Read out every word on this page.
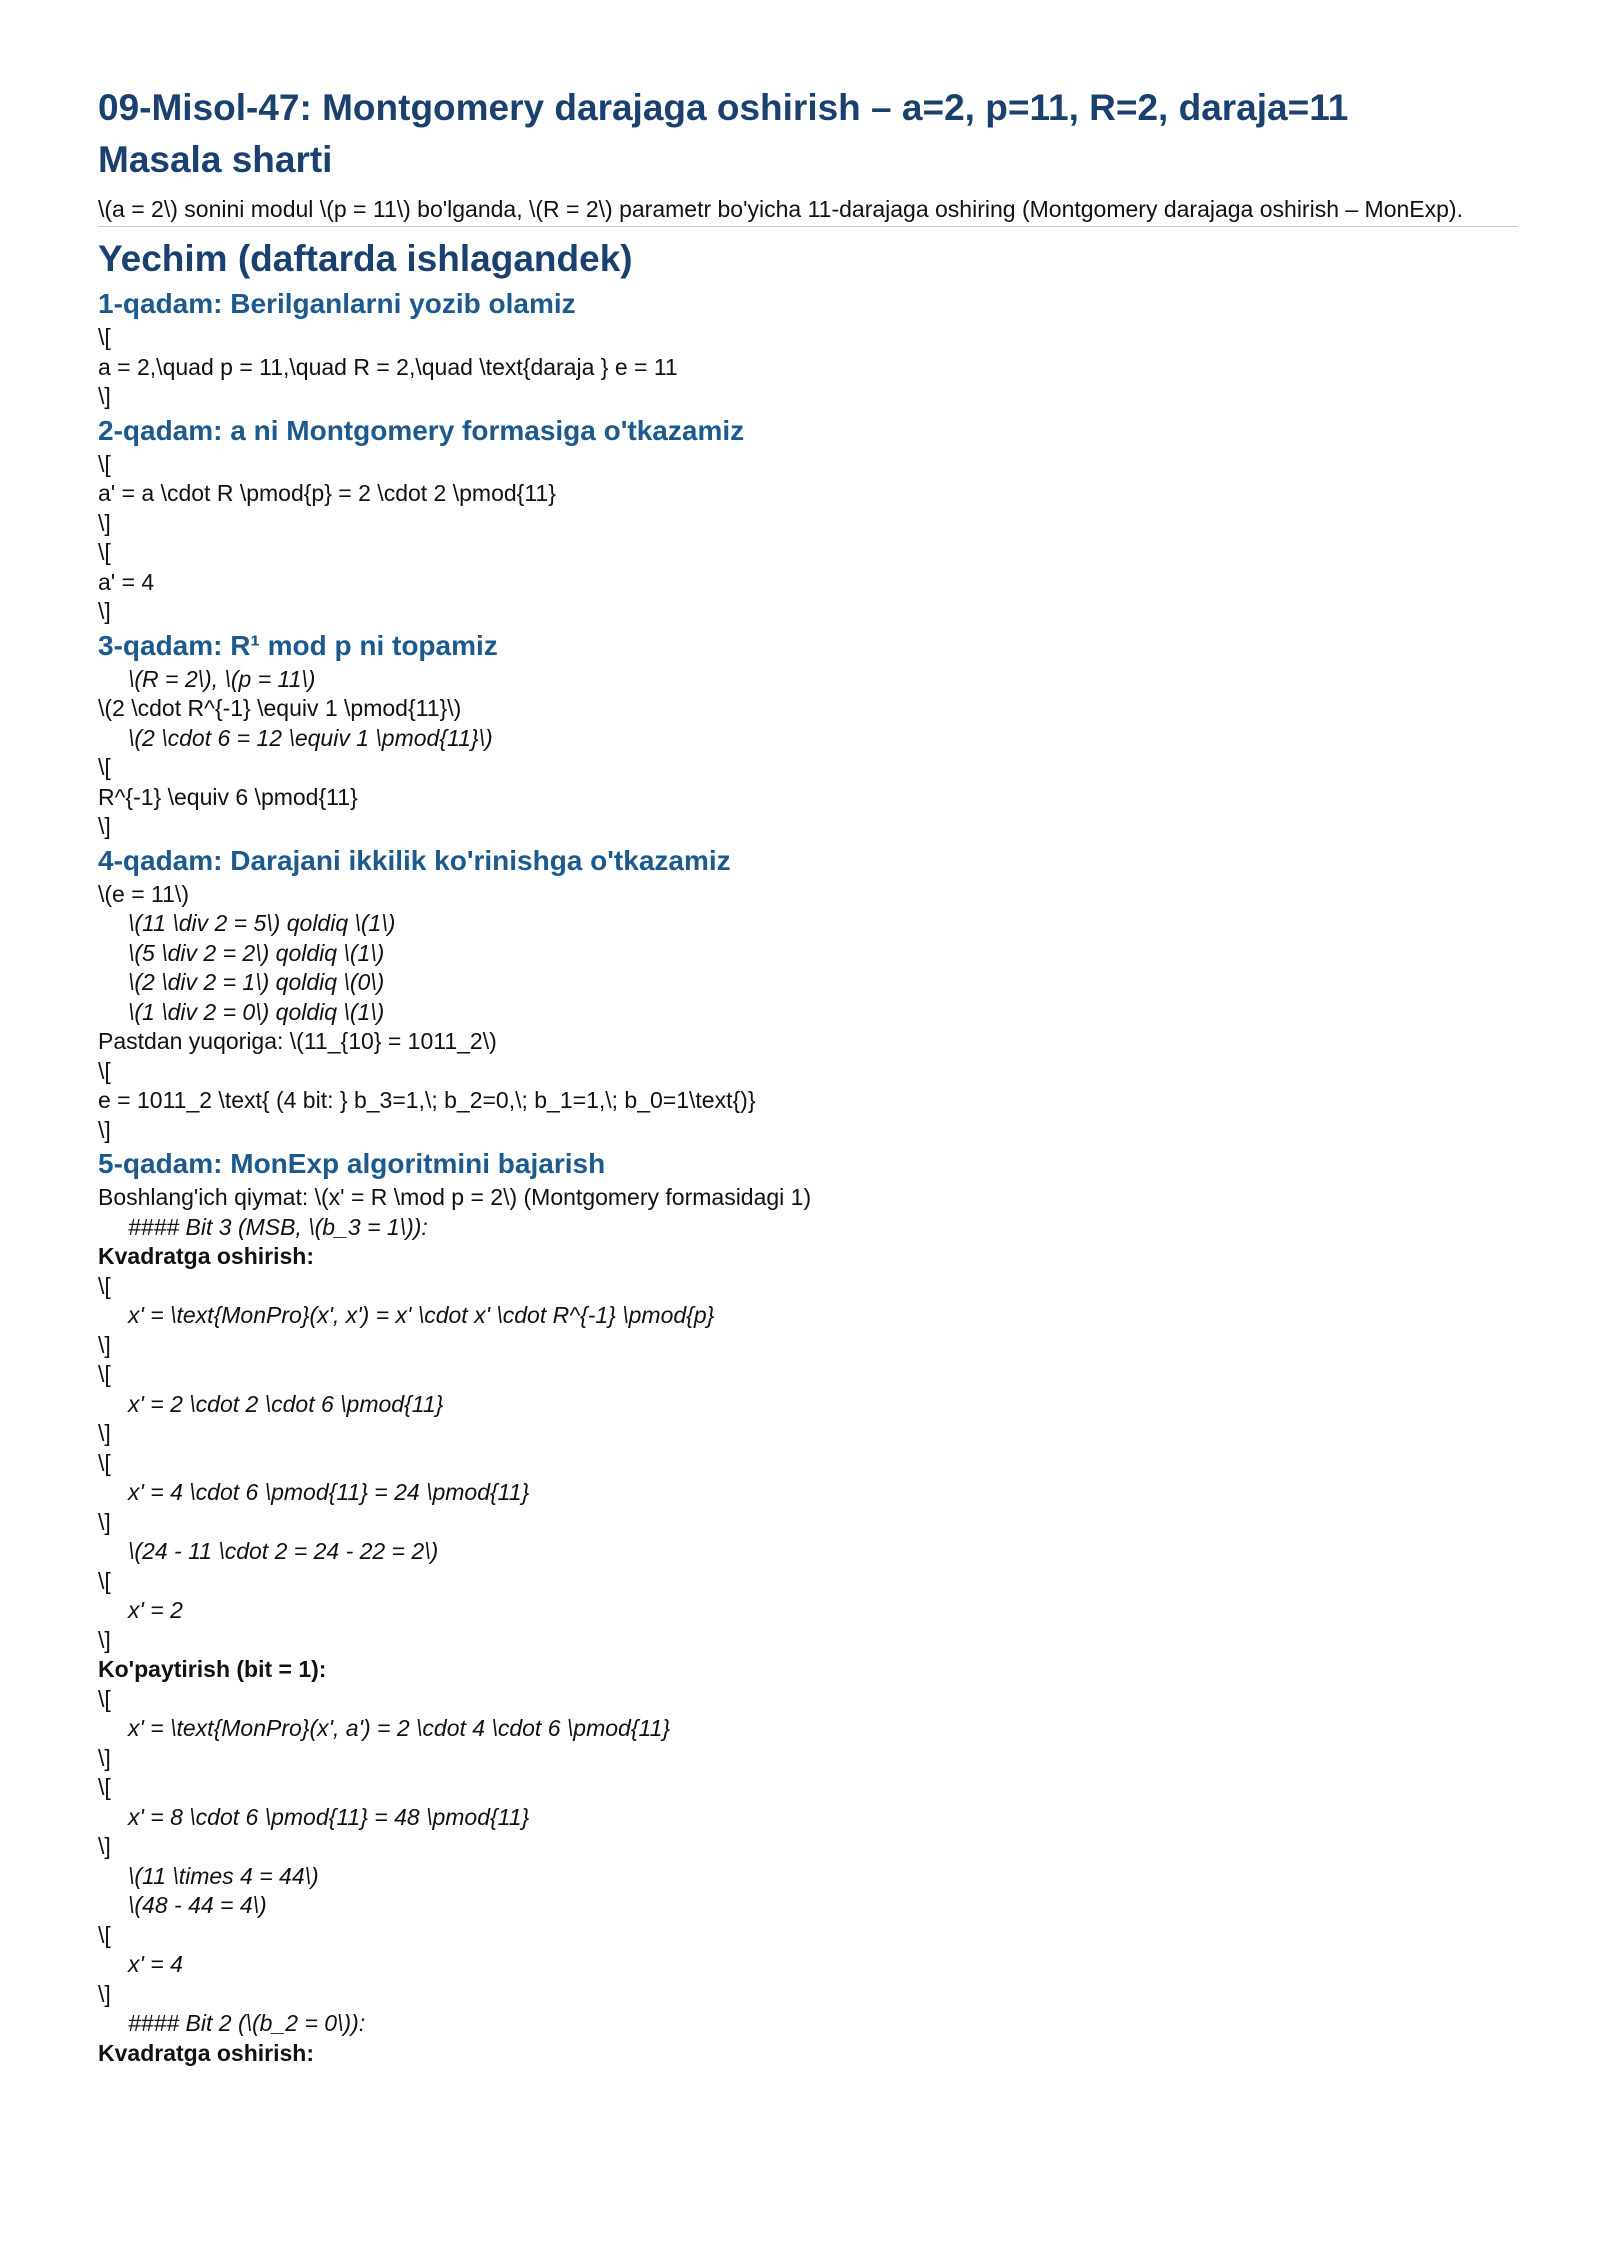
09-Misol-47: Montgomery darajaga oshirish – a=2, p=11, R=2, daraja=11
Masala sharti

\(a = 2\) sonini modul \(p = 11\) bo'lganda, \(R = 2\) parametr bo'yicha 11-darajaga oshiring (Montgomery darajaga oshirish – MonExp).

Yechim (daftarda ishlagandek)
1-qadam: Berilganlarni yozib olamiz
\[
a = 2,\quad p = 11,\quad R = 2,\quad \text{daraja } e = 11
\]
2-qadam: a ni Montgomery formasiga o'tkazamiz
\[
a' = a \cdot R \pmod{p} = 2 \cdot 2 \pmod{11}
\]
\[
a' = 4
\]
3-qadam: R¹ mod p ni topamiz
\(R = 2\), \(p = 11\)
\(2 \cdot R^{-1} \equiv 1 \pmod{11}\)
\(2 \cdot 6 = 12 \equiv 1 \pmod{11}\)
\[
R^{-1} \equiv 6 \pmod{11}
\]
4-qadam: Darajani ikkilik ko'rinishga o'tkazamiz
\(e = 11\)
\(11 \div 2 = 5\) qoldiq \(1\)
\(5 \div 2 = 2\) qoldiq \(1\)
\(2 \div 2 = 1\) qoldiq \(0\)
\(1 \div 2 = 0\) qoldiq \(1\)
Pastdan yuqoriga: \(11_{10} = 1011_2\)
\[
e = 1011_2 \text{ (4 bit: } b_3=1,\; b_2=0,\; b_1=1,\; b_0=1\text{)}
\]
5-qadam: MonExp algoritmini bajarish
Boshlang'ich qiymat: \(x' = R \mod p = 2\) (Montgomery formasidagi 1)
#### Bit 3 (MSB, \(b_3 = 1\)):
Kvadratga oshirish:
\[
x' = \text{MonPro}(x', x') = x' \cdot x' \cdot R^{-1} \pmod{p}
\]
\[
x' = 2 \cdot 2 \cdot 6 \pmod{11}
\]
\[
x' = 4 \cdot 6 \pmod{11} = 24 \pmod{11}
\]
\(24 - 11 \cdot 2 = 24 - 22 = 2\)
\[
x' = 2
\]
Ko'paytirish (bit = 1):
\[
x' = \text{MonPro}(x', a') = 2 \cdot 4 \cdot 6 \pmod{11}
\]
\[
x' = 8 \cdot 6 \pmod{11} = 48 \pmod{11}
\]
\(11 \times 4 = 44\)
\(48 - 44 = 4\)
\[
x' = 4
\]
#### Bit 2 (\(b_2 = 0\)):
Kvadratga oshirish:
